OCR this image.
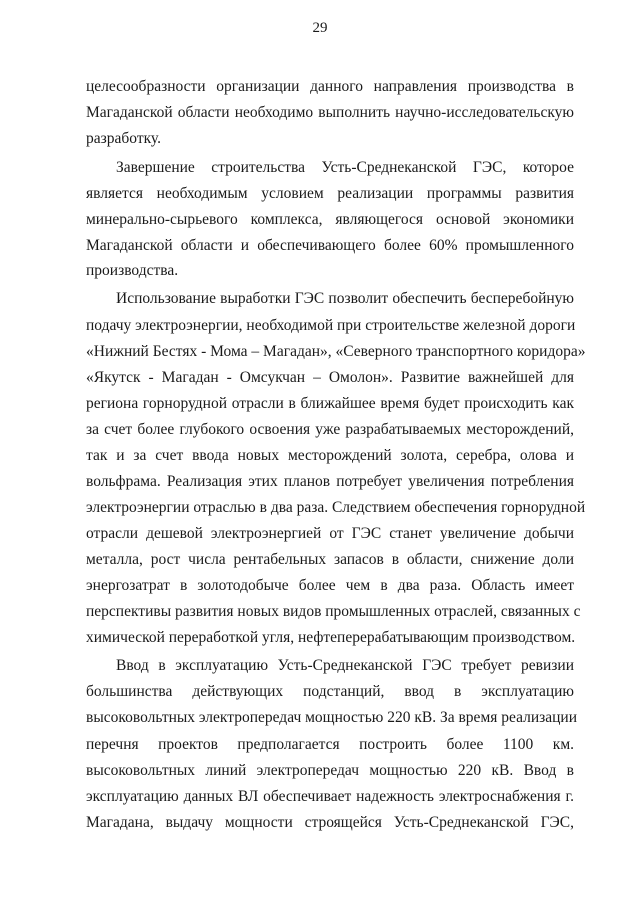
29
целесообразности организации данного направления производства в
Магаданской области необходимо выполнить научно-исследовательскую
разработку.
Завершение строительства Усть-Среднеканской ГЭС, которое
является необходимым условием реализации программы развития
минерально-сырьевого комплекса, являющегося основой экономики
Магаданской области и обеспечивающего более 60% промышленного
производства.
Использование выработки ГЭС позволит обеспечить бесперебойную
подачу электроэнергии, необходимой при строительстве железной дороги
«Нижний Бестях - Мома – Магадан», «Северного транспортного коридора»
«Якутск - Магадан - Омсукчан – Омолон». Развитие важнейшей для
региона горнорудной отрасли в ближайшее время будет происходить как
за счет более глубокого освоения уже разрабатываемых месторождений,
так и за счет ввода новых месторождений золота, серебра, олова и
вольфрама. Реализация этих планов потребует увеличения потребления
электроэнергии отраслью в два раза. Следствием обеспечения горнорудной
отрасли дешевой электроэнергией от ГЭС станет увеличение добычи
металла, рост числа рентабельных запасов в области, снижение доли
энергозатрат в золотодобыче более чем в два раза. Область имеет
перспективы развития новых видов промышленных отраслей, связанных с
химической переработкой угля, нефтеперерабатывающим производством.
Ввод в эксплуатацию Усть-Среднеканской ГЭС требует ревизии
большинства действующих подстанций, ввод в эксплуатацию
высоковольтных электропередач мощностью 220 кВ. За время реализации
перечня проектов предполагается построить более 1100 км.
высоковольтных линий электропередач мощностью 220 кВ. Ввод в
эксплуатацию данных ВЛ обеспечивает надежность электроснабжения г.
Магадана, выдачу мощности строящейся Усть-Среднеканской ГЭС,
